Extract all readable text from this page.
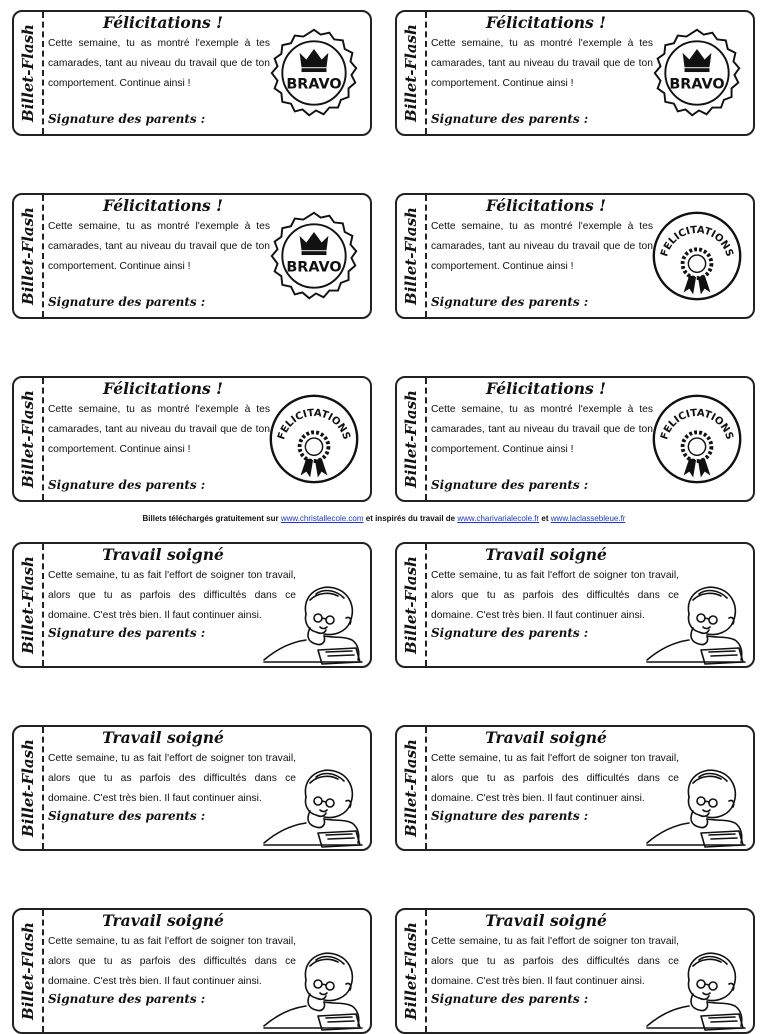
Billet-Flash
Félicitations !
Cette semaine, tu as montré l'exemple à tes camarades, tant au niveau du travail que de ton comportement. Continue ainsi !
Signature des parents :
BRAVO	Billet-Flash
Félicitations !
Cette semaine, tu as montré l'exemple à tes camarades, tant au niveau du travail que de ton comportement. Continue ainsi !
Signature des parents :
BRAVO
Billet-Flash
Félicitations !
Cette semaine, tu as montré l'exemple à tes camarades, tant au niveau du travail que de ton comportement. Continue ainsi !
Signature des parents :
BRAVO	Billet-Flash
Félicitations !
Cette semaine, tu as montré l'exemple à tes camarades, tant au niveau du travail que de ton comportement. Continue ainsi !
Signature des parents :
FELICITATIONS
Billet-Flash
Félicitations !
Cette semaine, tu as montré l'exemple à tes camarades, tant au niveau du travail que de ton comportement. Continue ainsi !
Signature des parents :
FELICITATIONS	Billet-Flash
Félicitations !
Cette semaine, tu as montré l'exemple à tes camarades, tant au niveau du travail que de ton comportement. Continue ainsi !
Signature des parents :
FELICITATIONS
Billets téléchargés gratuitement sur www.christallecole.com et inspirés du travail de www.charivarialecole.fr et www.laclassebleue.fr
Billet-Flash
Travail soigné
Cette semaine, tu as fait l'effort de soigner ton travail, alors que tu as parfois des difficultés dans ce domaine. C'est très bien. Il faut continuer ainsi.
Signature des parents :	Billet-Flash
Travail soigné
Cette semaine, tu as fait l'effort de soigner ton travail, alors que tu as parfois des difficultés dans ce domaine. C'est très bien. Il faut continuer ainsi.
Signature des parents :
Billet-Flash
Travail soigné
Cette semaine, tu as fait l'effort de soigner ton travail, alors que tu as parfois des difficultés dans ce domaine. C'est très bien. Il faut continuer ainsi.
Signature des parents :	Billet-Flash
Travail soigné
Cette semaine, tu as fait l'effort de soigner ton travail, alors que tu as parfois des difficultés dans ce domaine. C'est très bien. Il faut continuer ainsi.
Signature des parents :
Billet-Flash
Travail soigné
Cette semaine, tu as fait l'effort de soigner ton travail, alors que tu as parfois des difficultés dans ce domaine. C'est très bien. Il faut continuer ainsi.
Signature des parents :	Billet-Flash
Travail soigné
Cette semaine, tu as fait l'effort de soigner ton travail, alors que tu as parfois des difficultés dans ce domaine. C'est très bien. Il faut continuer ainsi.
Signature des parents :
